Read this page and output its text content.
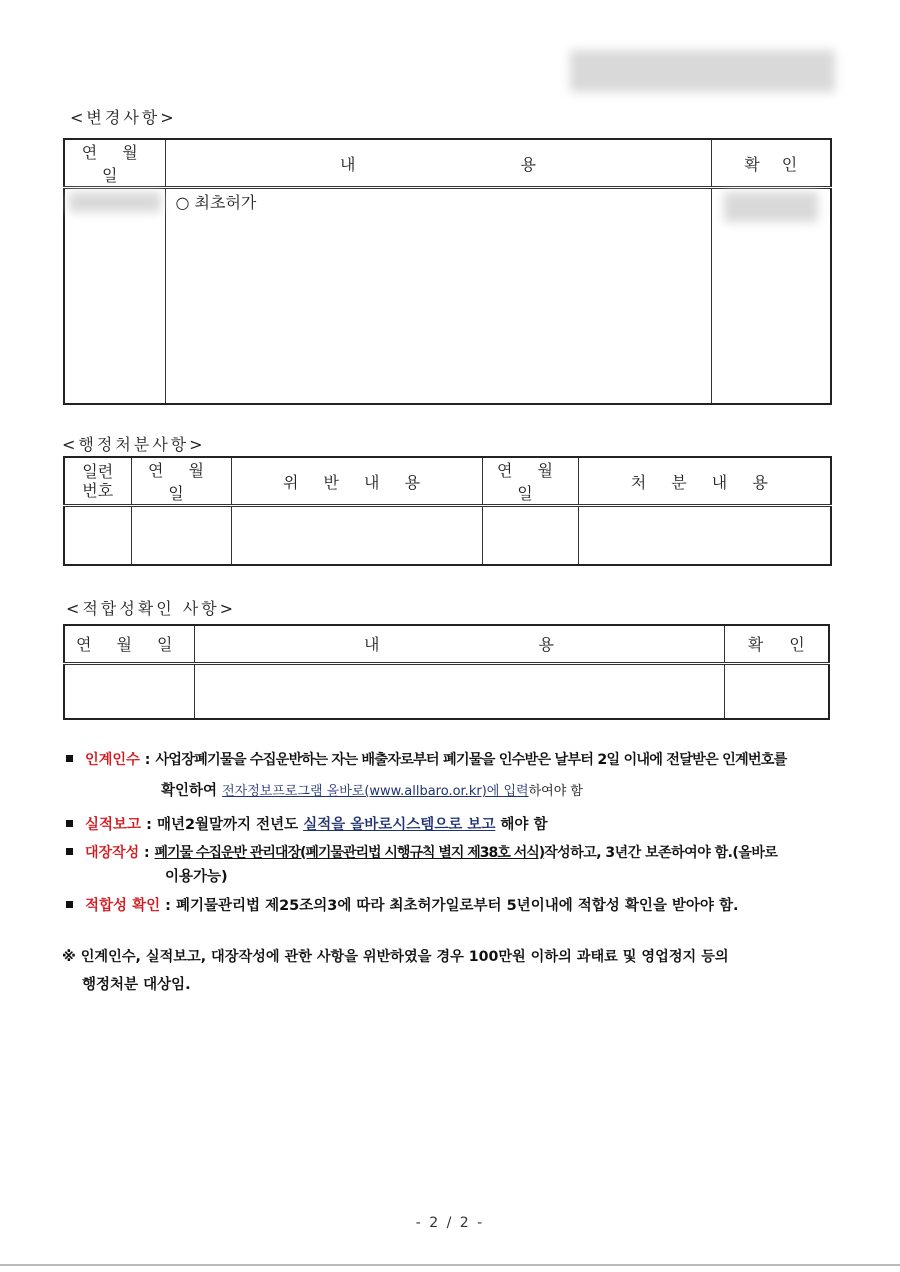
<변경사항>
연 월 일	내 용	확 인

	○ 최초허가	
<행정처분사항>
일련
번호	연 월 일	위 반 내 용	연 월 일	처 분 내 용

<적합성확인 사항>
연 월 일	내 용	확 인

인계인수 : 사업장폐기물을 수집운반하는 자는 배출자로부터 폐기물을 인수받은 날부터 2일 이내에 전달받은 인계번호를
확인하여 전자정보프로그램 올바로(www.allbaro.or.kr)에 입력하여야 함
실적보고 : 매년2월말까지 전년도 실적을 올바로시스템으로 보고 해야 함
대장작성 : 폐기물 수집운반 관리대장(폐기물관리법 시행규칙 별지 제38호 서식)작성하고, 3년간 보존하여야 함.(올바로
이용가능)
적합성 확인 : 폐기물관리법 제25조의3에 따라 최초허가일로부터 5년이내에 적합성 확인을 받아야 함.
※ 인계인수, 실적보고, 대장작성에 관한 사항을 위반하였을 경우 100만원 이하의 과태료 및 영업정지 등의
행정처분 대상임.
- 2 / 2 -
